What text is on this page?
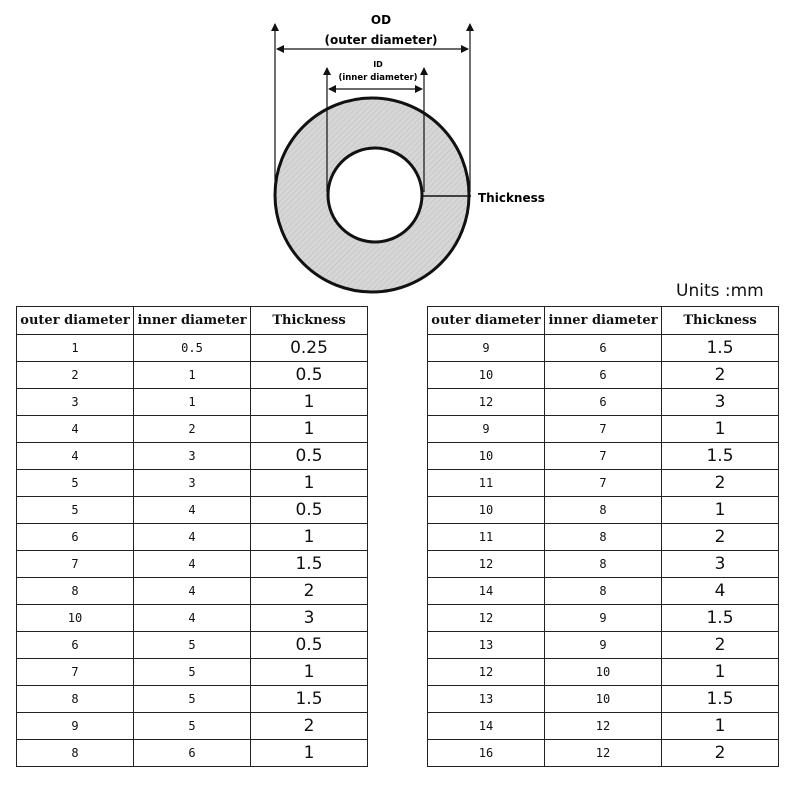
OD
(outer diameter)
ID
(inner diameter)
Thickness
Units :mm
outer diameter	inner diameter	Thickness
1	0.5	0.25
2	1	0.5
3	1	1
4	2	1
4	3	0.5
5	3	1
5	4	0.5
6	4	1
7	4	1.5
8	4	2
10	4	3
6	5	0.5
7	5	1
8	5	1.5
9	5	2
8	6	1
outer diameter	inner diameter	Thickness
9	6	1.5
10	6	2
12	6	3
9	7	1
10	7	1.5
11	7	2
10	8	1
11	8	2
12	8	3
14	8	4
12	9	1.5
13	9	2
12	10	1
13	10	1.5
14	12	1
16	12	2
